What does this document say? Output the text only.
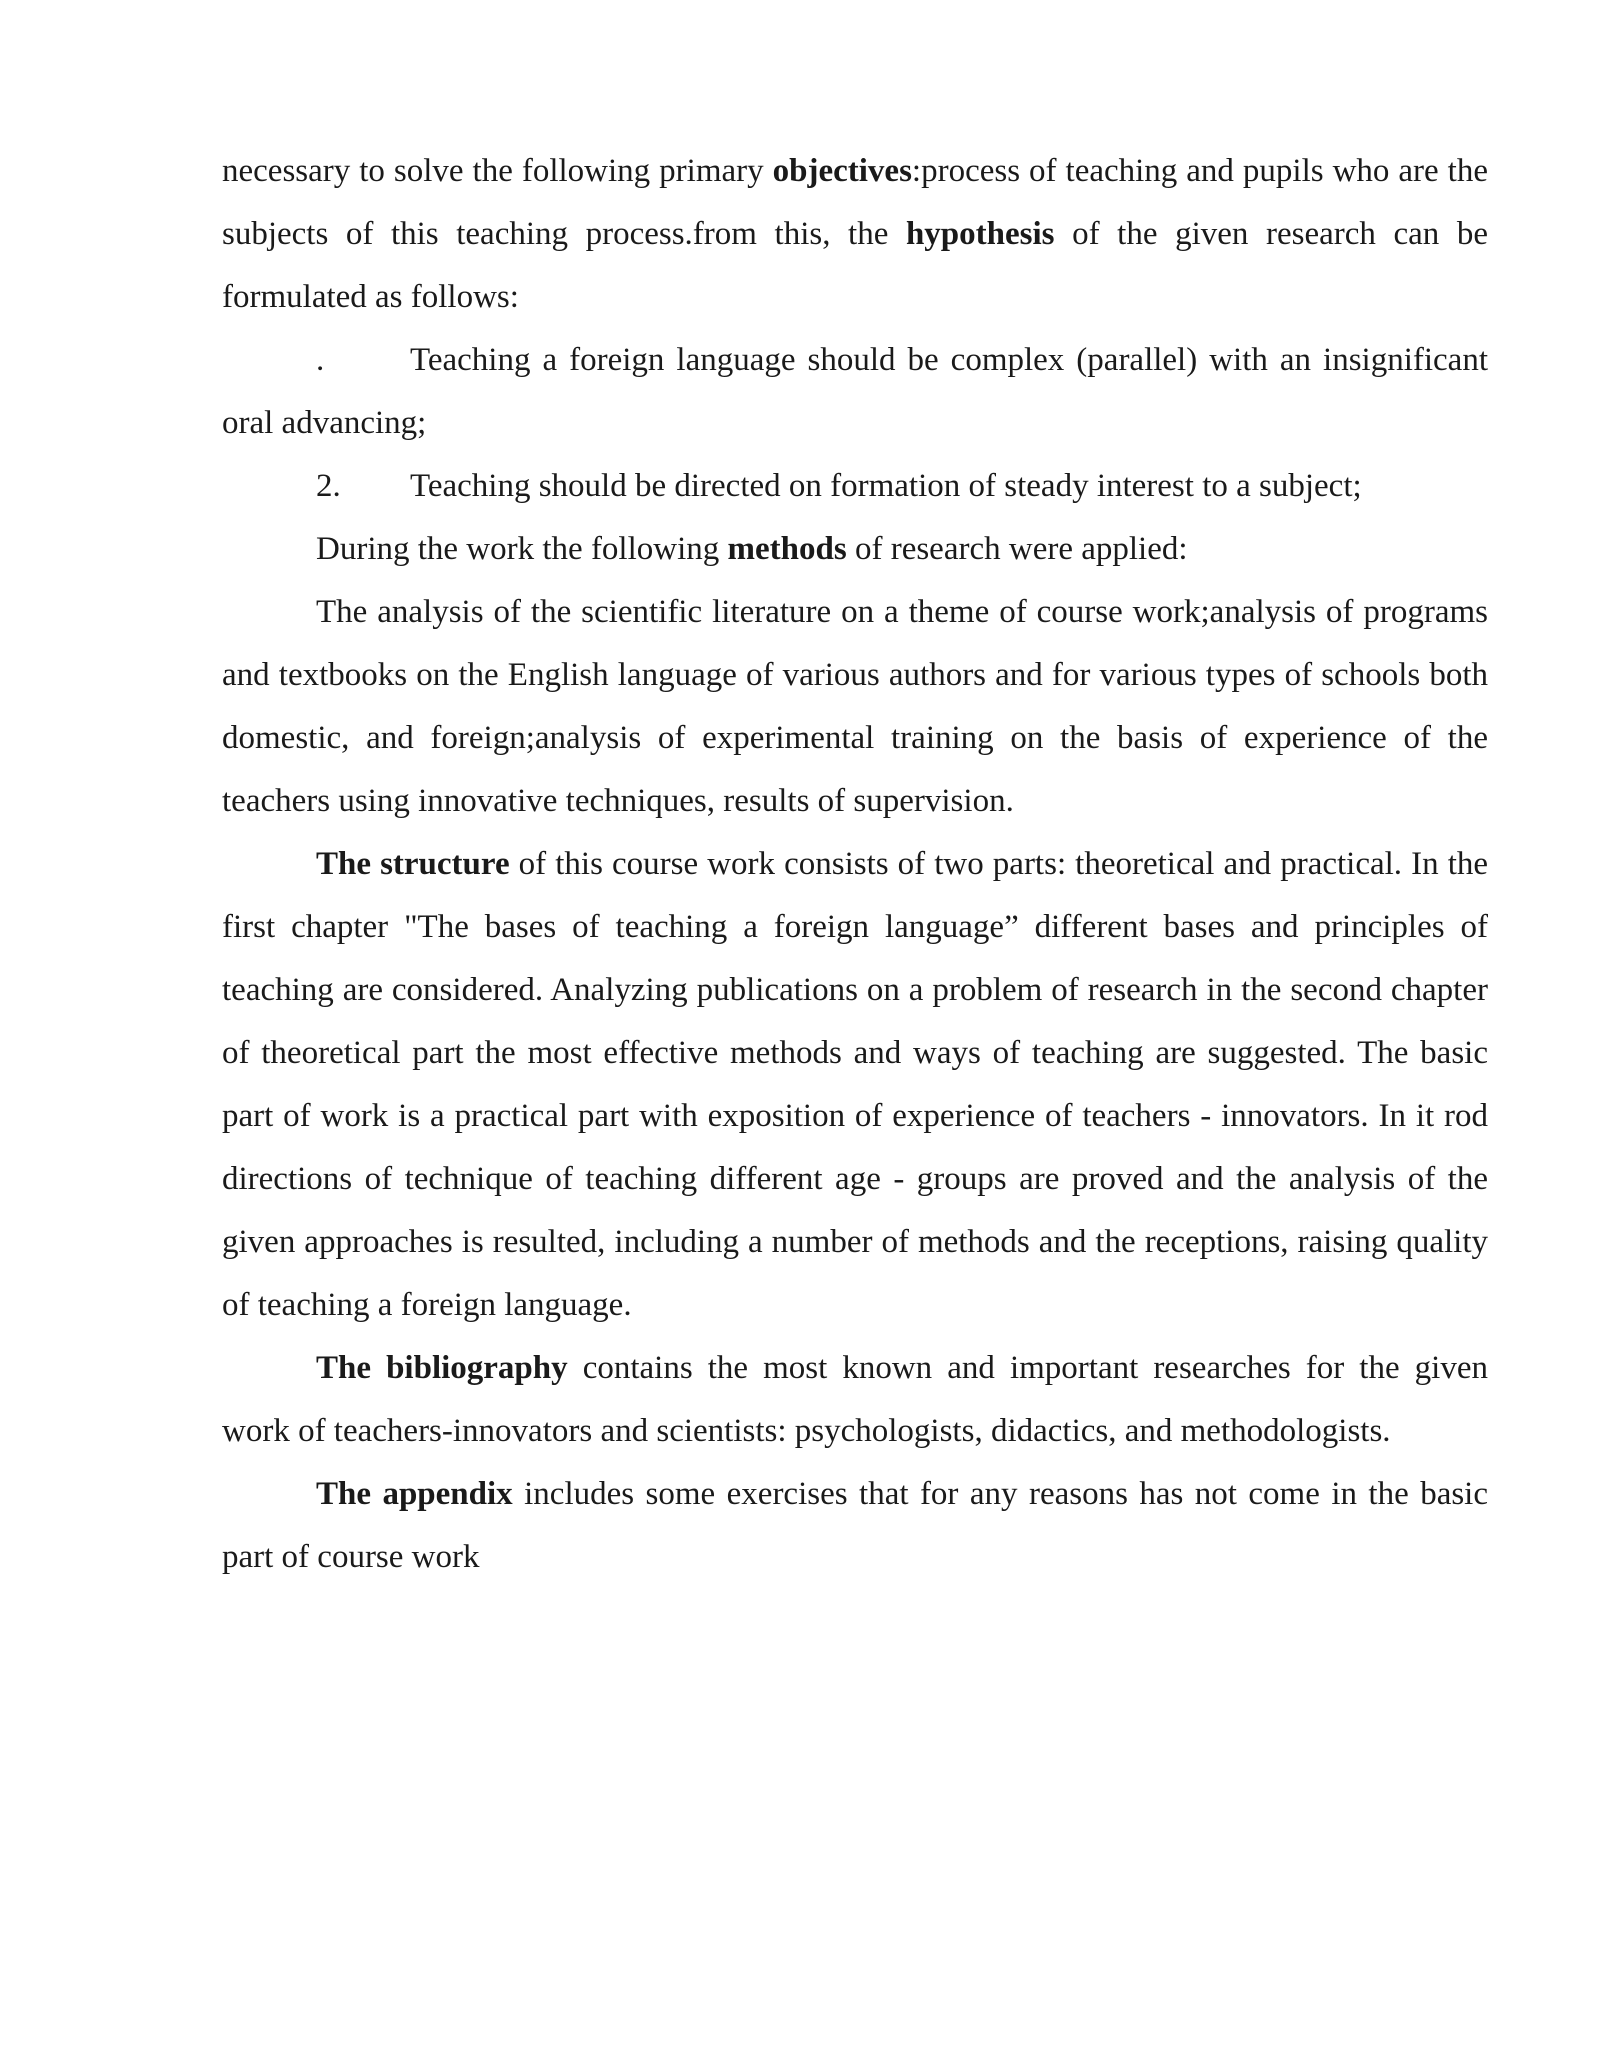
necessary to solve the following primary objectives:process of teaching and pupils who are the subjects of this teaching process.from this, the hypothesis of the given research can be formulated as follows:

.	Teaching a foreign language should be complex (parallel) with an insignificant oral advancing;

2. Teaching should be directed on formation of steady interest to a subject;

During the work the following methods of research were applied:

The analysis of the scientific literature on a theme of course work;analysis of programs and textbooks on the English language of various authors and for various types of schools both domestic, and foreign;analysis of experimental training on the basis of experience of the teachers using innovative techniques, results of supervision.

The structure of this course work consists of two parts: theoretical and practical. In the first chapter "The bases of teaching a foreign language” different bases and principles of teaching are considered. Analyzing publications on a problem of research in the second chapter of theoretical part the most effective methods and ways of teaching are suggested. The basic part of work is a practical part with exposition of experience of teachers - innovators. In it rod directions of technique of teaching different age - groups are proved and the analysis of the given approaches is resulted, including a number of methods and the receptions, raising quality of teaching a foreign language.

The bibliography contains the most known and important researches for the given work of teachers-innovators and scientists: psychologists, didactics, and methodologists.

The appendix includes some exercises that for any reasons has not come in the basic part of course work
